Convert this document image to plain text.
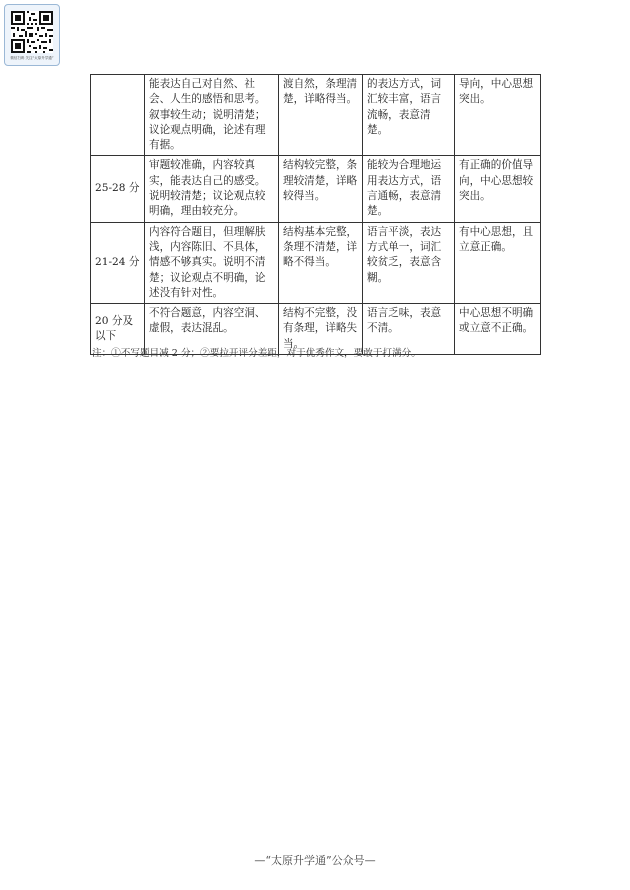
微信扫码 关注“太原升学通”
	能表达自己对自然、社会、人生的感悟和思考。叙事较生动；说明清楚；议论观点明确，论述有理有据。	渡自然，条理清楚，详略得当。	的表达方式，词汇较丰富，语言流畅，表意清楚。	导向，中心思想突出。
25-28 分	审题较准确，内容较真实，能表达自己的感受。说明较清楚；议论观点较明确，理由较充分。	结构较完整，条理较清楚，详略较得当。	能较为合理地运用表达方式，语言通畅，表意清楚。	有正确的价值导向，中心思想较突出。
21-24 分	内容符合题目，但理解肤浅，内容陈旧、不具体，情感不够真实。说明不清楚；议论观点不明确，论述没有针对性。	结构基本完整，条理不清楚，详略不得当。	语言平淡，表达方式单一，词汇较贫乏，表意含糊。	有中心思想，且立意正确。
20 分及以下	不符合题意，内容空洞、虚假，表达混乱。	结构不完整，没有条理，详略失当。	语言乏味，表意不清。	中心思想不明确或立意不正确。
注：①不写题目减 2 分；②要拉开评分差距，对于优秀作文，要敢于打满分。
—“太原升学通”公众号—
